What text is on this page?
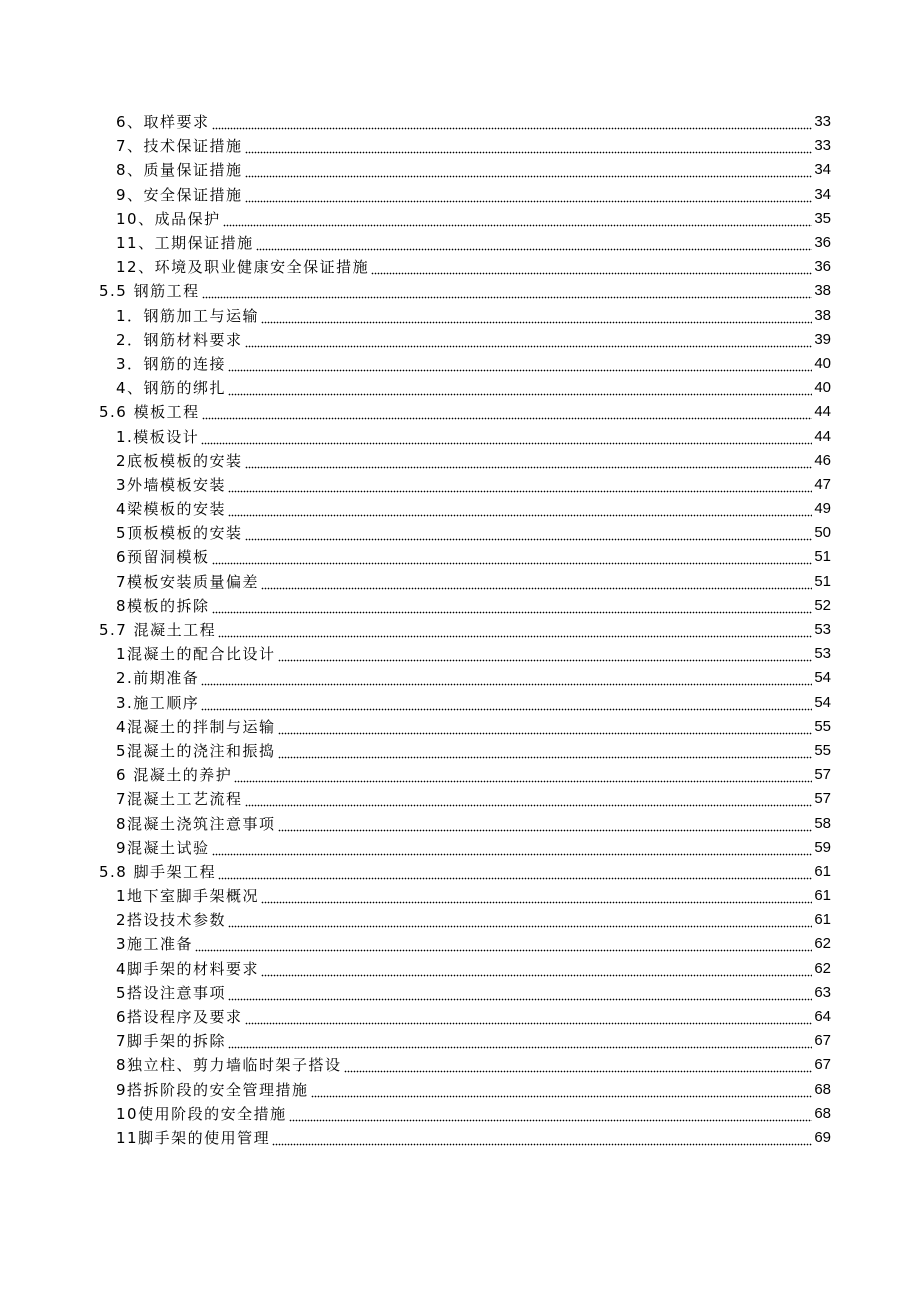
6、取样要求	33
7、技术保证措施	33
8、质量保证措施	34
9、安全保证措施	34
10、成品保护	35
11、工期保证措施	36
12、环境及职业健康安全保证措施	36
5.5 钢筋工程	38
1．钢筋加工与运输	38
2．钢筋材料要求	39
3．钢筋的连接	40
4、钢筋的绑扎	40
5.6 模板工程	44
1.模板设计	44
2底板模板的安装	46
3外墙模板安装	47
4梁模板的安装	49
5顶板模板的安装	50
6预留洞模板	51
7模板安装质量偏差	51
8模板的拆除	52
5.7 混凝土工程	53
1混凝土的配合比设计	53
2.前期准备	54
3.施工顺序	54
4混凝土的拌制与运输	55
5混凝土的浇注和振捣	55
6 混凝土的养护	57
7混凝土工艺流程	57
8混凝土浇筑注意事项	58
9混凝土试验	59
5.8 脚手架工程	61
1地下室脚手架概况	61
2搭设技术参数	61
3施工准备	62
4脚手架的材料要求	62
5搭设注意事项	63
6搭设程序及要求	64
7脚手架的拆除	67
8独立柱、剪力墙临时架子搭设	67
9搭拆阶段的安全管理措施	68
10使用阶段的安全措施	68
11脚手架的使用管理	69
